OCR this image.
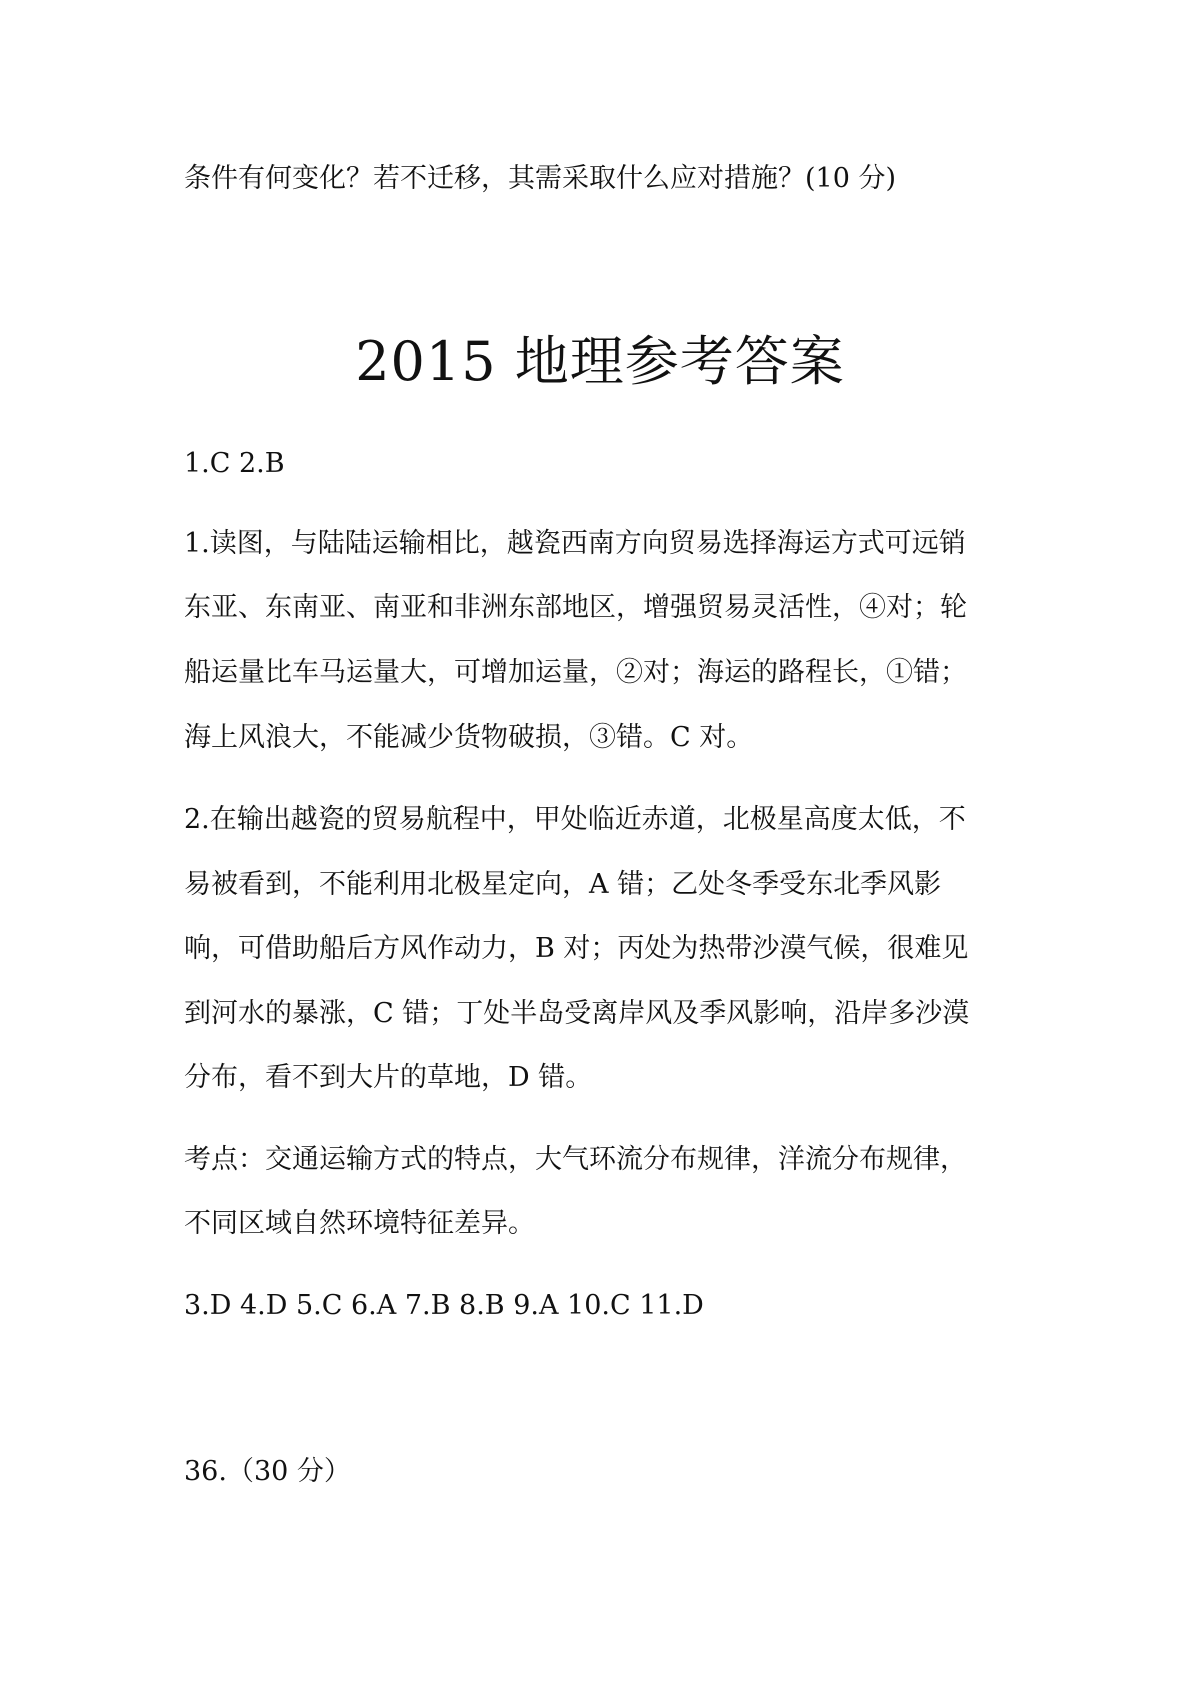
条件有何变化？若不迁移，其需采取什么应对措施？(10 分)

2015 地理参考答案

1.C 2.B

1.读图，与陆陆运输相比，越瓷西南方向贸易选择海运方式可远销

东亚、东南亚、南亚和非洲东部地区，增强贸易灵活性，④对；轮

船运量比车马运量大，可增加运量，②对；海运的路程长，①错；

海上风浪大，不能减少货物破损，③错。C 对。

2.在输出越瓷的贸易航程中，甲处临近赤道，北极星高度太低，不

易被看到，不能利用北极星定向，A 错；乙处冬季受东北季风影

响，可借助船后方风作动力，B 对；丙处为热带沙漠气候，很难见

到河水的暴涨，C 错；丁处半岛受离岸风及季风影响，沿岸多沙漠

分布，看不到大片的草地，D 错。

考点：交通运输方式的特点，大气环流分布规律，洋流分布规律，

不同区域自然环境特征差异。

3.D 4.D 5.C 6.A 7.B 8.B 9.A 10.C 11.D

36.（30 分）
